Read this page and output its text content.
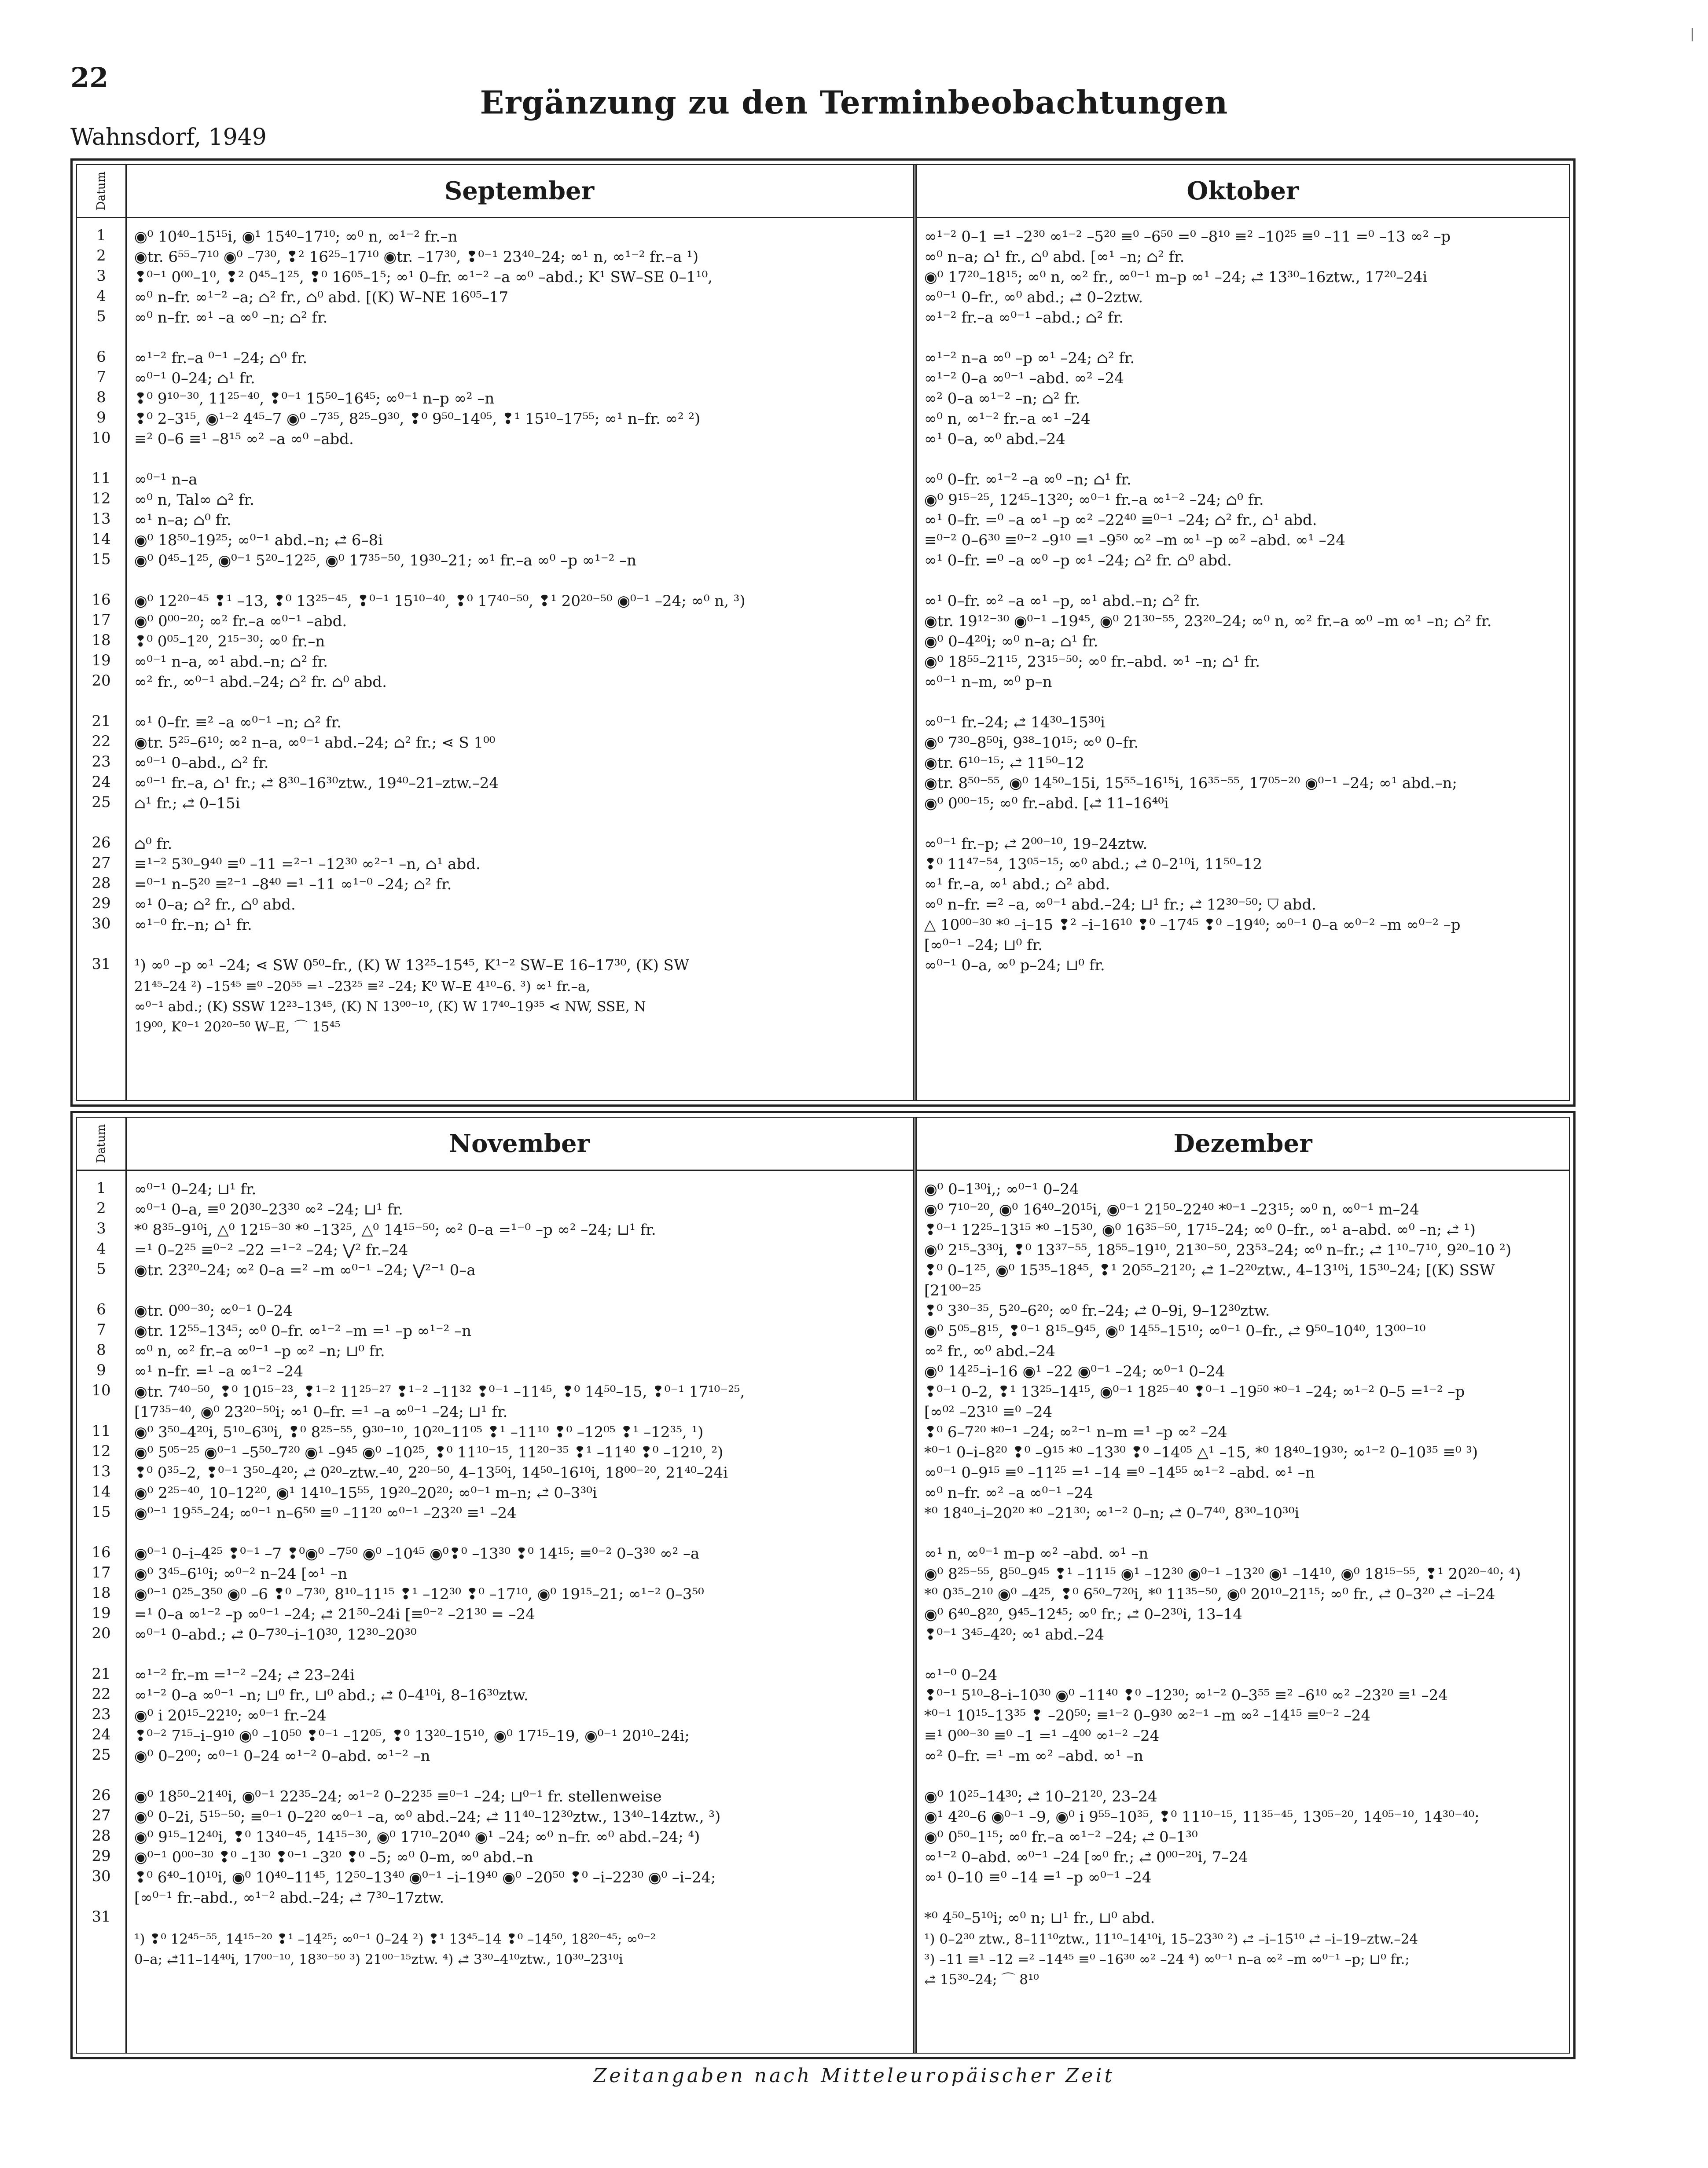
22
Ergänzung zu den Terminbeobachtungen
Wahnsdorf, 1949
Datum
1
2
3
4
5
6
7
8
9
10
11
12
13
14
15
16
17
18
19
20
21
22
23
24
25
26
27
28
29
30
31
September	Oktober
◉⁰ 10⁴⁰–15¹⁵i, ◉¹ 15⁴⁰–17¹⁰; ∞⁰ n, ∞¹⁻² fr.–n
◉tr. 6⁵⁵–7¹⁰ ◉⁰ –7³⁰, ❢² 16²⁵–17¹⁰ ◉tr. –17³⁰, ❢⁰⁻¹ 23⁴⁰–24; ∞¹ n, ∞¹⁻² fr.–a ¹)
❢⁰⁻¹ 0⁰⁰–1⁰, ❢² 0⁴⁵–1²⁵, ❢⁰ 16⁰⁵–1⁵; ∞¹ 0–fr. ∞¹⁻² –a ∞⁰ –abd.; K¹ SW–SE 0–1¹⁰,
∞⁰ n–fr. ∞¹⁻² –a; ⌂² fr., ⌂⁰ abd. [(K) W–NE 16⁰⁵–17
∞⁰ n–fr. ∞¹ –a ∞⁰ –n; ⌂² fr.
∞¹⁻² fr.–a ⁰⁻¹ –24; ⌂⁰ fr.
∞⁰⁻¹ 0–24; ⌂¹ fr.
❢⁰ 9¹⁰⁻³⁰, 11²⁵⁻⁴⁰, ❢⁰⁻¹ 15⁵⁰–16⁴⁵; ∞⁰⁻¹ n–p ∞² –n
❢⁰ 2–3¹⁵, ◉¹⁻² 4⁴⁵–7 ◉⁰ –7³⁵, 8²⁵–9³⁰, ❢⁰ 9⁵⁰–14⁰⁵, ❢¹ 15¹⁰–17⁵⁵; ∞¹ n–fr. ∞² ²)
≡² 0–6 ≡¹ –8¹⁵ ∞² –a ∞⁰ –abd.
∞⁰⁻¹ n–a
∞⁰ n, Tal∞ ⌂² fr.
∞¹ n–a; ⌂⁰ fr.
◉⁰ 18⁵⁰–19²⁵; ∞⁰⁻¹ abd.–n; ⥄ 6–8i
◉⁰ 0⁴⁵–1²⁵, ◉⁰⁻¹ 5²⁰–12²⁵, ◉⁰ 17³⁵⁻⁵⁰, 19³⁰–21; ∞¹ fr.–a ∞⁰ –p ∞¹⁻² –n
◉⁰ 12²⁰⁻⁴⁵ ❢¹ –13, ❢⁰ 13²⁵⁻⁴⁵, ❢⁰⁻¹ 15¹⁰⁻⁴⁰, ❢⁰ 17⁴⁰⁻⁵⁰, ❢¹ 20²⁰⁻⁵⁰ ◉⁰⁻¹ –24; ∞⁰ n, ³)
◉⁰ 0⁰⁰⁻²⁰; ∞² fr.–a ∞⁰⁻¹ –abd.
❢⁰ 0⁰⁵–1²⁰, 2¹⁵⁻³⁰; ∞⁰ fr.–n
∞⁰⁻¹ n–a, ∞¹ abd.–n; ⌂² fr.
∞² fr., ∞⁰⁻¹ abd.–24; ⌂² fr. ⌂⁰ abd.
∞¹ 0–fr. ≡² –a ∞⁰⁻¹ –n; ⌂² fr.
◉tr. 5²⁵–6¹⁰; ∞² n–a, ∞⁰⁻¹ abd.–24; ⌂² fr.; ⋖ S 1⁰⁰
∞⁰⁻¹ 0–abd., ⌂² fr.
∞⁰⁻¹ fr.–a, ⌂¹ fr.; ⥄ 8³⁰–16³⁰ztw., 19⁴⁰–21–ztw.–24
⌂¹ fr.; ⥄ 0–15i
⌂⁰ fr.
≡¹⁻² 5³⁰–9⁴⁰ ≡⁰ –11 =²⁻¹ –12³⁰ ∞²⁻¹ –n, ⌂¹ abd.
=⁰⁻¹ n–5²⁰ ≡²⁻¹ –8⁴⁰ =¹ –11 ∞¹⁻⁰ –24; ⌂² fr.
∞¹ 0–a; ⌂² fr., ⌂⁰ abd.
∞¹⁻⁰ fr.–n; ⌂¹ fr.
¹) ∞⁰ –p ∞¹ –24; ⋖ SW 0⁵⁰–fr., (K) W 13²⁵–15⁴⁵, K¹⁻² SW–E 16–17³⁰, (K) SW
21⁴⁵–24 ²) –15⁴⁵ ≡⁰ –20⁵⁵ =¹ –23²⁵ ≡² –24; K⁰ W–E 4¹⁰–6. ³) ∞¹ fr.–a,
∞⁰⁻¹ abd.; (K) SSW 12²³–13⁴⁵, (K) N 13⁰⁰⁻¹⁰, (K) W 17⁴⁰–19³⁵ ⋖ NW, SSE, N
19⁰⁰, K⁰⁻¹ 20²⁰⁻⁵⁰ W–E, ⌒ 15⁴⁵
∞¹⁻² 0–1 =¹ –2³⁰ ∞¹⁻² –5²⁰ ≡⁰ –6⁵⁰ =⁰ –8¹⁰ ≡² –10²⁵ ≡⁰ –11 =⁰ –13 ∞² –p
∞⁰ n–a; ⌂¹ fr., ⌂⁰ abd. [∞¹ –n; ⌂² fr.
◉⁰ 17²⁰–18¹⁵; ∞⁰ n, ∞² fr., ∞⁰⁻¹ m–p ∞¹ –24; ⥄ 13³⁰–16ztw., 17²⁰–24i
∞⁰⁻¹ 0–fr., ∞⁰ abd.; ⥄ 0–2ztw.
∞¹⁻² fr.–a ∞⁰⁻¹ –abd.; ⌂² fr.
∞¹⁻² n–a ∞⁰ –p ∞¹ –24; ⌂² fr.
∞¹⁻² 0–a ∞⁰⁻¹ –abd. ∞² –24
∞² 0–a ∞¹⁻² –n; ⌂² fr.
∞⁰ n, ∞¹⁻² fr.–a ∞¹ –24
∞¹ 0–a, ∞⁰ abd.–24
∞⁰ 0–fr. ∞¹⁻² –a ∞⁰ –n; ⌂¹ fr.
◉⁰ 9¹⁵⁻²⁵, 12⁴⁵–13²⁰; ∞⁰⁻¹ fr.–a ∞¹⁻² –24; ⌂⁰ fr.
∞¹ 0–fr. =⁰ –a ∞¹ –p ∞² –22⁴⁰ ≡⁰⁻¹ –24; ⌂² fr., ⌂¹ abd.
≡⁰⁻² 0–6³⁰ ≡⁰⁻² –9¹⁰ =¹ –9⁵⁰ ∞² –m ∞¹ –p ∞² –abd. ∞¹ –24
∞¹ 0–fr. =⁰ –a ∞⁰ –p ∞¹ –24; ⌂² fr. ⌂⁰ abd.
∞¹ 0–fr. ∞² –a ∞¹ –p, ∞¹ abd.–n; ⌂² fr.
◉tr. 19¹²⁻³⁰ ◉⁰⁻¹ –19⁴⁵, ◉⁰ 21³⁰⁻⁵⁵, 23²⁰–24; ∞⁰ n, ∞² fr.–a ∞⁰ –m ∞¹ –n; ⌂² fr.
◉⁰ 0–4²⁰i; ∞⁰ n–a; ⌂¹ fr.
◉⁰ 18⁵⁵–21¹⁵, 23¹⁵⁻⁵⁰; ∞⁰ fr.–abd. ∞¹ –n; ⌂¹ fr.
∞⁰⁻¹ n–m, ∞⁰ p–n
∞⁰⁻¹ fr.–24; ⥄ 14³⁰–15³⁰i
◉⁰ 7³⁰–8⁵⁰i, 9³⁸–10¹⁵; ∞⁰ 0–fr.
◉tr. 6¹⁰⁻¹⁵; ⥄ 11⁵⁰–12
◉tr. 8⁵⁰⁻⁵⁵, ◉⁰ 14⁵⁰–15i, 15⁵⁵–16¹⁵i, 16³⁵⁻⁵⁵, 17⁰⁵⁻²⁰ ◉⁰⁻¹ –24; ∞¹ abd.–n;
◉⁰ 0⁰⁰⁻¹⁵; ∞⁰ fr.–abd. [⥄ 11–16⁴⁰i
∞⁰⁻¹ fr.–p; ⥄ 2⁰⁰⁻¹⁰, 19–24ztw.
❢⁰ 11⁴⁷⁻⁵⁴, 13⁰⁵⁻¹⁵; ∞⁰ abd.; ⥄ 0–2¹⁰i, 11⁵⁰–12
∞¹ fr.–a, ∞¹ abd.; ⌂² abd.
∞⁰ n–fr. =² –a, ∞⁰⁻¹ abd.–24; ⊔¹ fr.; ⥄ 12³⁰⁻⁵⁰; ⛉ abd.
△ 10⁰⁰⁻³⁰ *⁰ –i–15 ❢² –i–16¹⁰ ❢⁰ –17⁴⁵ ❢⁰ –19⁴⁰; ∞⁰⁻¹ 0–a ∞⁰⁻² –m ∞⁰⁻² –p
[∞⁰⁻¹ –24; ⊔⁰ fr.
∞⁰⁻¹ 0–a, ∞⁰ p–24; ⊔⁰ fr.
Datum
1
2
3
4
5
6
7
8
9
10
11
12
13
14
15
16
17
18
19
20
21
22
23
24
25
26
27
28
29
30
31
November	Dezember
∞⁰⁻¹ 0–24; ⊔¹ fr.
∞⁰⁻¹ 0–a, ≡⁰ 20³⁰–23³⁰ ∞² –24; ⊔¹ fr.
*⁰ 8³⁵–9¹⁰i, △⁰ 12¹⁵⁻³⁰ *⁰ –13²⁵, △⁰ 14¹⁵⁻⁵⁰; ∞² 0–a =¹⁻⁰ –p ∞² –24; ⊔¹ fr.
=¹ 0–2²⁵ ≡⁰⁻² –22 =¹⁻² –24; ⋁² fr.–24
◉tr. 23²⁰–24; ∞² 0–a =² –m ∞⁰⁻¹ –24; ⋁²⁻¹ 0–a
◉tr. 0⁰⁰⁻³⁰; ∞⁰⁻¹ 0–24
◉tr. 12⁵⁵–13⁴⁵; ∞⁰ 0–fr. ∞¹⁻² –m =¹ –p ∞¹⁻² –n
∞⁰ n, ∞² fr.–a ∞⁰⁻¹ –p ∞² –n; ⊔⁰ fr.
∞¹ n–fr. =¹ –a ∞¹⁻² –24
◉tr. 7⁴⁰⁻⁵⁰, ❢⁰ 10¹⁵⁻²³, ❢¹⁻² 11²⁵⁻²⁷ ❢¹⁻² –11³² ❢⁰⁻¹ –11⁴⁵, ❢⁰ 14⁵⁰–15, ❢⁰⁻¹ 17¹⁰⁻²⁵,
[17³⁵⁻⁴⁰, ◉⁰ 23²⁰⁻⁵⁰i; ∞¹ 0–fr. =¹ –a ∞⁰⁻¹ –24; ⊔¹ fr.
◉⁰ 3⁵⁰–4²⁰i, 5¹⁰–6³⁰i, ❢⁰ 8²⁵⁻⁵⁵, 9³⁰⁻¹⁰, 10²⁰–11⁰⁵ ❢¹ –11¹⁰ ❢⁰ –12⁰⁵ ❢¹ –12³⁵, ¹)
◉⁰ 5⁰⁵⁻²⁵ ◉⁰⁻¹ –5⁵⁰–7²⁰ ◉¹ –9⁴⁵ ◉⁰ –10²⁵, ❢⁰ 11¹⁰⁻¹⁵, 11²⁰⁻³⁵ ❢¹ –11⁴⁰ ❢⁰ –12¹⁰, ²)
❢⁰ 0³⁵–2, ❢⁰⁻¹ 3⁵⁰–4²⁰; ⥄ 0²⁰–ztw.–⁴⁰, 2²⁰⁻⁵⁰, 4–13⁵⁰i, 14⁵⁰–16¹⁰i, 18⁰⁰⁻²⁰, 21⁴⁰–24i
◉⁰ 2²⁵⁻⁴⁰, 10–12²⁰, ◉¹ 14¹⁰–15⁵⁵, 19²⁰–20²⁰; ∞⁰⁻¹ m–n; ⥄ 0–3³⁰i
◉⁰⁻¹ 19⁵⁵–24; ∞⁰⁻¹ n–6⁵⁰ ≡⁰ –11²⁰ ∞⁰⁻¹ –23²⁰ ≡¹ –24
◉⁰⁻¹ 0–i–4²⁵ ❢⁰⁻¹ –7 ❢⁰◉⁰ –7⁵⁰ ◉⁰ –10⁴⁵ ◉⁰❢⁰ –13³⁰ ❢⁰ 14¹⁵; ≡⁰⁻² 0–3³⁰ ∞² –a
◉⁰ 3⁴⁵–6¹⁰i; ∞⁰⁻² n–24 [∞¹ –n
◉⁰⁻¹ 0²⁵–3⁵⁰ ◉⁰ –6 ❢⁰ –7³⁰, 8¹⁰–11¹⁵ ❢¹ –12³⁰ ❢⁰ –17¹⁰, ◉⁰ 19¹⁵–21; ∞¹⁻² 0–3⁵⁰
=¹ 0–a ∞¹⁻² –p ∞⁰⁻¹ –24; ⥄ 21⁵⁰–24i [≡⁰⁻² –21³⁰ = –24
∞⁰⁻¹ 0–abd.; ⥄ 0–7³⁰–i–10³⁰, 12³⁰–20³⁰
∞¹⁻² fr.–m =¹⁻² –24; ⥄ 23–24i
∞¹⁻² 0–a ∞⁰⁻¹ –n; ⊔⁰ fr., ⊔⁰ abd.; ⥄ 0–4¹⁰i, 8–16³⁰ztw.
◉⁰ i 20¹⁵–22¹⁰; ∞⁰⁻¹ fr.–24
❢⁰⁻² 7¹⁵–i–9¹⁰ ◉⁰ –10⁵⁰ ❢⁰⁻¹ –12⁰⁵, ❢⁰ 13²⁰–15¹⁰, ◉⁰ 17¹⁵–19, ◉⁰⁻¹ 20¹⁰–24i;
◉⁰ 0–2⁰⁰; ∞⁰⁻¹ 0–24 ∞¹⁻² 0–abd. ∞¹⁻² –n
◉⁰ 18⁵⁰–21⁴⁰i, ◉⁰⁻¹ 22³⁵–24; ∞¹⁻² 0–22³⁵ ≡⁰⁻¹ –24; ⊔⁰⁻¹ fr. stellenweise
◉⁰ 0–2i, 5¹⁵⁻⁵⁰; ≡⁰⁻¹ 0–2²⁰ ∞⁰⁻¹ –a, ∞⁰ abd.–24; ⥄ 11⁴⁰–12³⁰ztw., 13⁴⁰–14ztw., ³)
◉⁰ 9¹⁵–12⁴⁰i, ❢⁰ 13⁴⁰⁻⁴⁵, 14¹⁵⁻³⁰, ◉⁰ 17¹⁰–20⁴⁰ ◉¹ –24; ∞⁰ n–fr. ∞⁰ abd.–24; ⁴)
◉⁰⁻¹ 0⁰⁰⁻³⁰ ❢⁰ –1³⁰ ❢⁰⁻¹ –3²⁰ ❢⁰ –5; ∞⁰ 0–m, ∞⁰ abd.–n
❢⁰ 6⁴⁰–10¹⁰i, ◉⁰ 10⁴⁰–11⁴⁵, 12⁵⁰–13⁴⁰ ◉⁰⁻¹ –i–19⁴⁰ ◉⁰ –20⁵⁰ ❢⁰ –i–22³⁰ ◉⁰ –i–24;
[∞⁰⁻¹ fr.–abd., ∞¹⁻² abd.–24; ⥄ 7³⁰–17ztw.
¹) ❢⁰ 12⁴⁵⁻⁵⁵, 14¹⁵⁻²⁰ ❢¹ –14²⁵; ∞⁰⁻¹ 0–24 ²) ❢¹ 13⁴⁵–14 ❢⁰ –14⁵⁰, 18²⁰⁻⁴⁵; ∞⁰⁻²
0–a; ⥄11–14⁴⁰i, 17⁰⁰⁻¹⁰, 18³⁰⁻⁵⁰ ³) 21⁰⁰⁻¹⁵ztw. ⁴) ⥄ 3³⁰–4¹⁰ztw., 10³⁰–23¹⁰i
◉⁰ 0–1³⁰i,; ∞⁰⁻¹ 0–24
◉⁰ 7¹⁰⁻²⁰, ◉⁰ 16⁴⁰–20¹⁵i, ◉⁰⁻¹ 21⁵⁰–22⁴⁰ *⁰⁻¹ –23¹⁵; ∞⁰ n, ∞⁰⁻¹ m–24
❢⁰⁻¹ 12²⁵–13¹⁵ *⁰ –15³⁰, ◉⁰ 16³⁵⁻⁵⁰, 17¹⁵–24; ∞⁰ 0–fr., ∞¹ a–abd. ∞⁰ –n; ⥄ ¹)
◉⁰ 2¹⁵–3³⁰i, ❢⁰ 13³⁷⁻⁵⁵, 18⁵⁵–19¹⁰, 21³⁰⁻⁵⁰, 23⁵³–24; ∞⁰ n–fr.; ⥄ 1¹⁰–7¹⁰, 9²⁰–10 ²)
❢⁰ 0–1²⁵, ◉⁰ 15³⁵–18⁴⁵, ❢¹ 20⁵⁵–21²⁰; ⥄ 1–2²⁰ztw., 4–13¹⁰i, 15³⁰–24; [(K) SSW
[21⁰⁰⁻²⁵
❢⁰ 3³⁰⁻³⁵, 5²⁰–6²⁰; ∞⁰ fr.–24; ⥄ 0–9i, 9–12³⁰ztw.
◉⁰ 5⁰⁵–8¹⁵, ❢⁰⁻¹ 8¹⁵–9⁴⁵, ◉⁰ 14⁵⁵–15¹⁰; ∞⁰⁻¹ 0–fr., ⥄ 9⁵⁰–10⁴⁰, 13⁰⁰⁻¹⁰
∞² fr., ∞⁰ abd.–24
◉⁰ 14²⁵–i–16 ◉¹ –22 ◉⁰⁻¹ –24; ∞⁰⁻¹ 0–24
❢⁰⁻¹ 0–2, ❢¹ 13²⁵–14¹⁵, ◉⁰⁻¹ 18²⁵⁻⁴⁰ ❢⁰⁻¹ –19⁵⁰ *⁰⁻¹ –24; ∞¹⁻² 0–5 =¹⁻² –p
[∞⁰² –23¹⁰ ≡⁰ –24
❢⁰ 6–7²⁰ *⁰⁻¹ –24; ∞²⁻¹ n–m =¹ –p ∞² –24
*⁰⁻¹ 0–i–8²⁰ ❢⁰ –9¹⁵ *⁰ –13³⁰ ❢⁰ –14⁰⁵ △¹ –15, *⁰ 18⁴⁰–19³⁰; ∞¹⁻² 0–10³⁵ ≡⁰ ³)
∞⁰⁻¹ 0–9¹⁵ ≡⁰ –11²⁵ =¹ –14 ≡⁰ –14⁵⁵ ∞¹⁻² –abd. ∞¹ –n
∞⁰ n–fr. ∞² –a ∞⁰⁻¹ –24
*⁰ 18⁴⁰–i–20²⁰ *⁰ –21³⁰; ∞¹⁻² 0–n; ⥄ 0–7⁴⁰, 8³⁰–10³⁰i
∞¹ n, ∞⁰⁻¹ m–p ∞² –abd. ∞¹ –n
◉⁰ 8²⁵⁻⁵⁵, 8⁵⁰–9⁴⁵ ❢¹ –11¹⁵ ◉¹ –12³⁰ ◉⁰⁻¹ –13²⁰ ◉¹ –14¹⁰, ◉⁰ 18¹⁵⁻⁵⁵, ❢¹ 20²⁰⁻⁴⁰; ⁴)
*⁰ 0³⁵–2¹⁰ ◉⁰ –4²⁵, ❢⁰ 6⁵⁰–7²⁰i, *⁰ 11³⁵⁻⁵⁰, ◉⁰ 20¹⁰–21¹⁵; ∞⁰ fr., ⥄ 0–3²⁰ ⥄ –i–24
◉⁰ 6⁴⁰–8²⁰, 9⁴⁵–12⁴⁵; ∞⁰ fr.; ⥄ 0–2³⁰i, 13–14
❢⁰⁻¹ 3⁴⁵–4²⁰; ∞¹ abd.–24
∞¹⁻⁰ 0–24
❢⁰⁻¹ 5¹⁰–8–i–10³⁰ ◉⁰ –11⁴⁰ ❢⁰ –12³⁰; ∞¹⁻² 0–3⁵⁵ ≡² –6¹⁰ ∞² –23²⁰ ≡¹ –24
*⁰⁻¹ 10¹⁵–13³⁵ ❢ –20⁵⁰; ≡¹⁻² 0–9³⁰ ∞²⁻¹ –m ∞² –14¹⁵ ≡⁰⁻² –24
≡¹ 0⁰⁰⁻³⁰ ≡⁰ –1 =¹ –4⁰⁰ ∞¹⁻² –24
∞² 0–fr. =¹ –m ∞² –abd. ∞¹ –n
◉⁰ 10²⁵–14³⁰; ⥄ 10–21²⁰, 23–24
◉¹ 4²⁰–6 ◉⁰⁻¹ –9, ◉⁰ i 9⁵⁵–10³⁵, ❢⁰ 11¹⁰⁻¹⁵, 11³⁵⁻⁴⁵, 13⁰⁵⁻²⁰, 14⁰⁵⁻¹⁰, 14³⁰⁻⁴⁰;
◉⁰ 0⁵⁰–1¹⁵; ∞⁰ fr.–a ∞¹⁻² –24; ⥄ 0–1³⁰
∞¹⁻² 0–abd. ∞⁰⁻¹ –24 [∞⁰ fr.; ⥄ 0⁰⁰⁻²⁰i, 7–24
∞¹ 0–10 ≡⁰ –14 =¹ –p ∞⁰⁻¹ –24
*⁰ 4⁵⁰–5¹⁰i; ∞⁰ n; ⊔¹ fr., ⊔⁰ abd.
¹) 0–2³⁰ ztw., 8–11¹⁰ztw., 11¹⁰–14¹⁰i, 15–23³⁰ ²) ⥄ –i–15¹⁰ ⥄ –i–19–ztw.–24
³) –11 ≡¹ –12 =² –14⁴⁵ ≡⁰ –16³⁰ ∞² –24 ⁴) ∞⁰⁻¹ n–a ∞² –m ∞⁰⁻¹ –p; ⊔⁰ fr.;
⥄ 15³⁰–24; ⌒ 8¹⁰
Zeitangaben nach Mitteleuropäischer Zeit
|
